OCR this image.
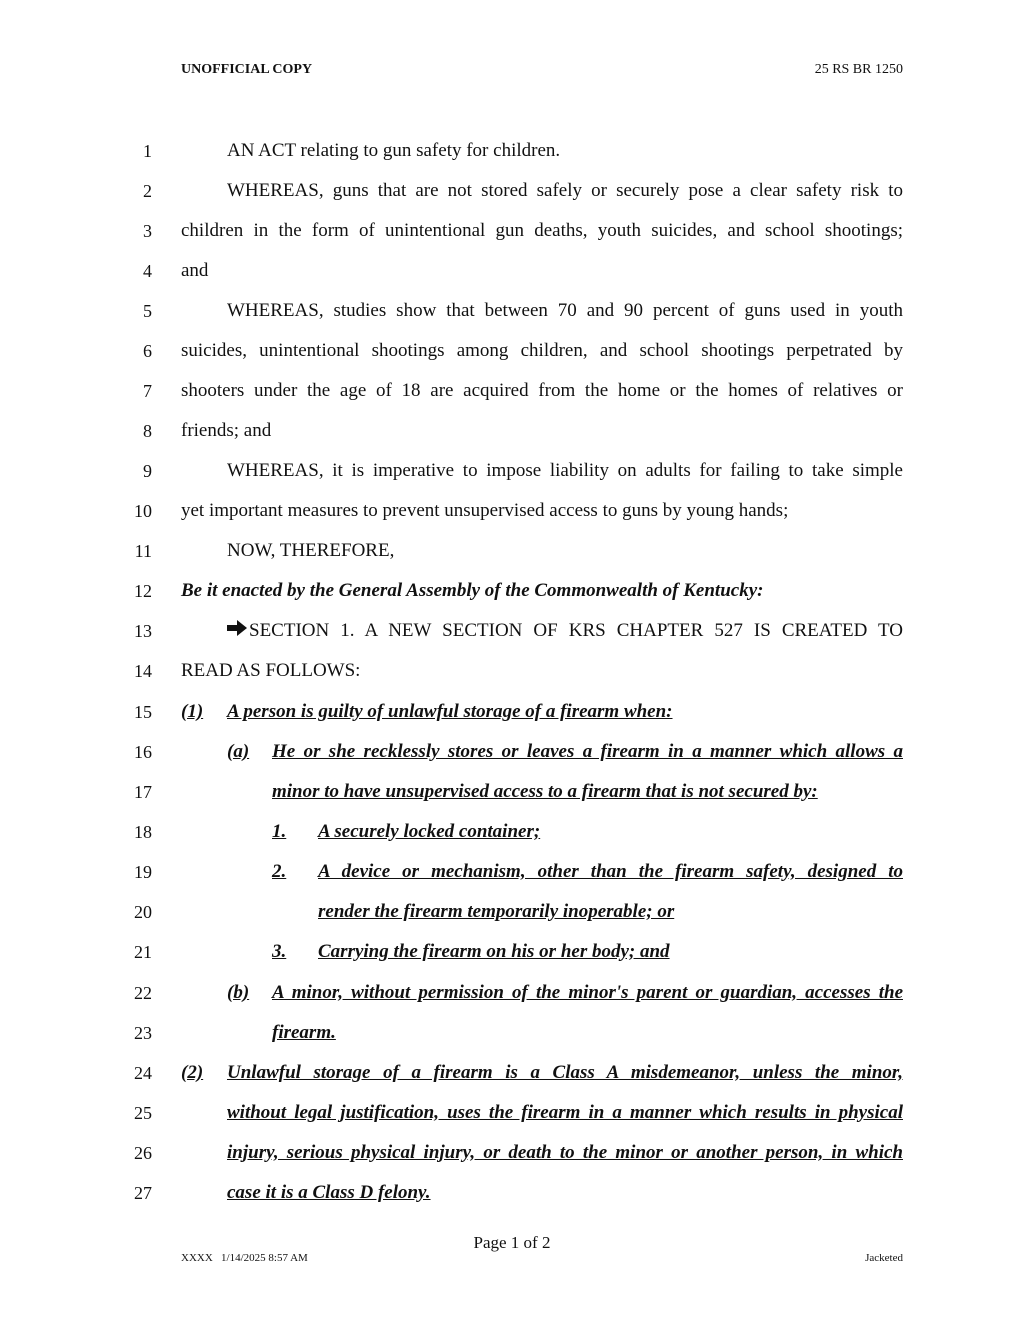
UNOFFICIAL COPY	25 RS BR 1250
1	AN ACT relating to gun safety for children.
2	WHEREAS, guns that are not stored safely or securely pose a clear safety risk to
3 children in the form of unintentional gun deaths, youth suicides, and school shootings;
4 and
5	WHEREAS, studies show that between 70 and 90 percent of guns used in youth
6 suicides, unintentional shootings among children, and school shootings perpetrated by
7 shooters under the age of 18 are acquired from the home or the homes of relatives or
8 friends; and
9	WHEREAS, it is imperative to impose liability on adults for failing to take simple
10 yet important measures to prevent unsupervised access to guns by young hands;
11	NOW, THEREFORE,
12 Be it enacted by the General Assembly of the Commonwealth of Kentucky:
13	SECTION 1. A NEW SECTION OF KRS CHAPTER 527 IS CREATED TO
14 READ AS FOLLOWS:
15 (1)	A person is guilty of unlawful storage of a firearm when:
16	(a)	He or she recklessly stores or leaves a firearm in a manner which allows a
17	minor to have unsupervised access to a firearm that is not secured by:
18	1.	A securely locked container;
19	2.	A device or mechanism, other than the firearm safety, designed to
20	render the firearm temporarily inoperable; or
21	3.	Carrying the firearm on his or her body; and
22	(b)	A minor, without permission of the minor's parent or guardian, accesses the
23	firearm.
24 (2)	Unlawful storage of a firearm is a Class A misdemeanor, unless the minor,
25	without legal justification, uses the firearm in a manner which results in physical
26	injury, serious physical injury, or death to the minor or another person, in which
27	case it is a Class D felony.
Page 1 of 2
XXXX   1/14/2025 8:57 AM	Jacketed
